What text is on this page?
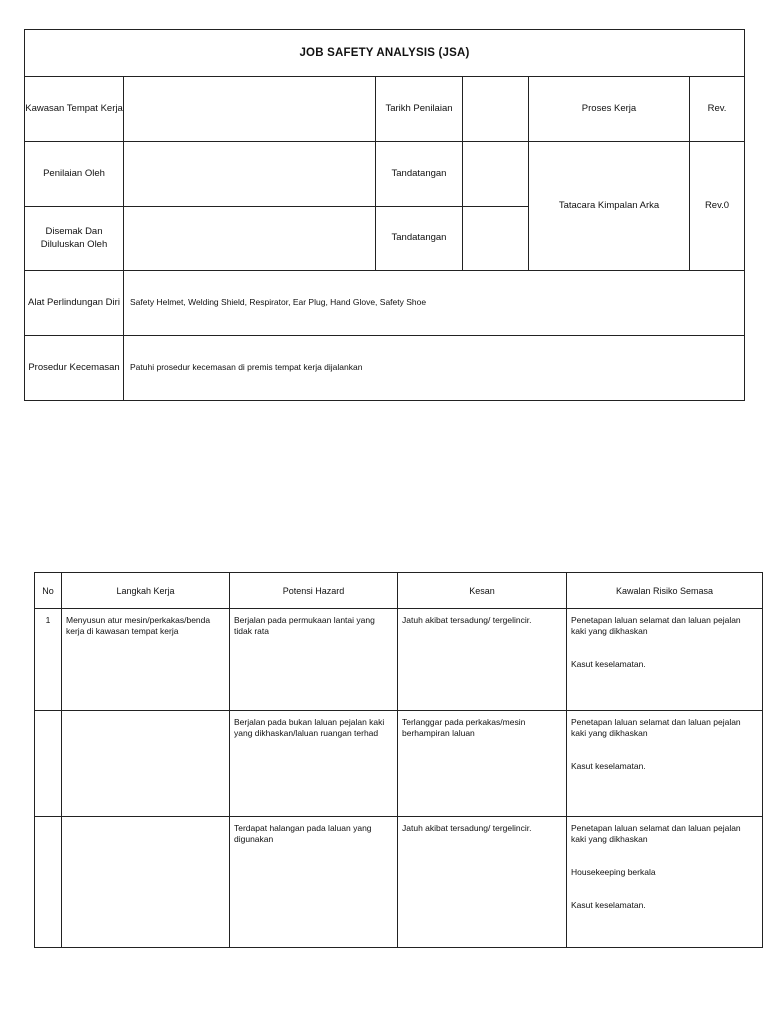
JOB SAFETY ANALYSIS (JSA)					
Kawasan Tempat Kerja		Tarikh Penilaian		Proses Kerja	Rev.
Penilaian Oleh		Tandatangan		Tatacara Kimpalan Arka	Rev.0
Disemak Dan Diluluskan Oleh		Tandatangan			
Alat Perlindungan Diri	Safety Helmet, Welding Shield, Respirator, Ear Plug, Hand Glove, Safety Shoe				
Prosedur Kecemasan	Patuhi prosedur kecemasan di premis tempat kerja dijalankan				
No	Langkah Kerja	Potensi Hazard	Kesan	Kawalan Risiko Semasa
1	Menyusun atur mesin/perkakas/benda kerja di kawasan tempat kerja	Berjalan pada permukaan lantai yang tidak rata	Jatuh akibat tersadung/ tergelincir.	Penetapan laluan selamat dan laluan pejalan kaki yang dikhaskan
Kasut keselamatan.

		Berjalan pada bukan laluan pejalan kaki yang dikhaskan/laluan ruangan terhad	Terlanggar pada perkakas/mesin berhampiran laluan	Penetapan laluan selamat dan laluan pejalan kaki yang dikhaskan
Kasut keselamatan.

		Terdapat halangan pada laluan yang digunakan	Jatuh akibat tersadung/ tergelincir.	Penetapan laluan selamat dan laluan pejalan kaki yang dikhaskan
Housekeeping berkala
Kasut keselamatan.
